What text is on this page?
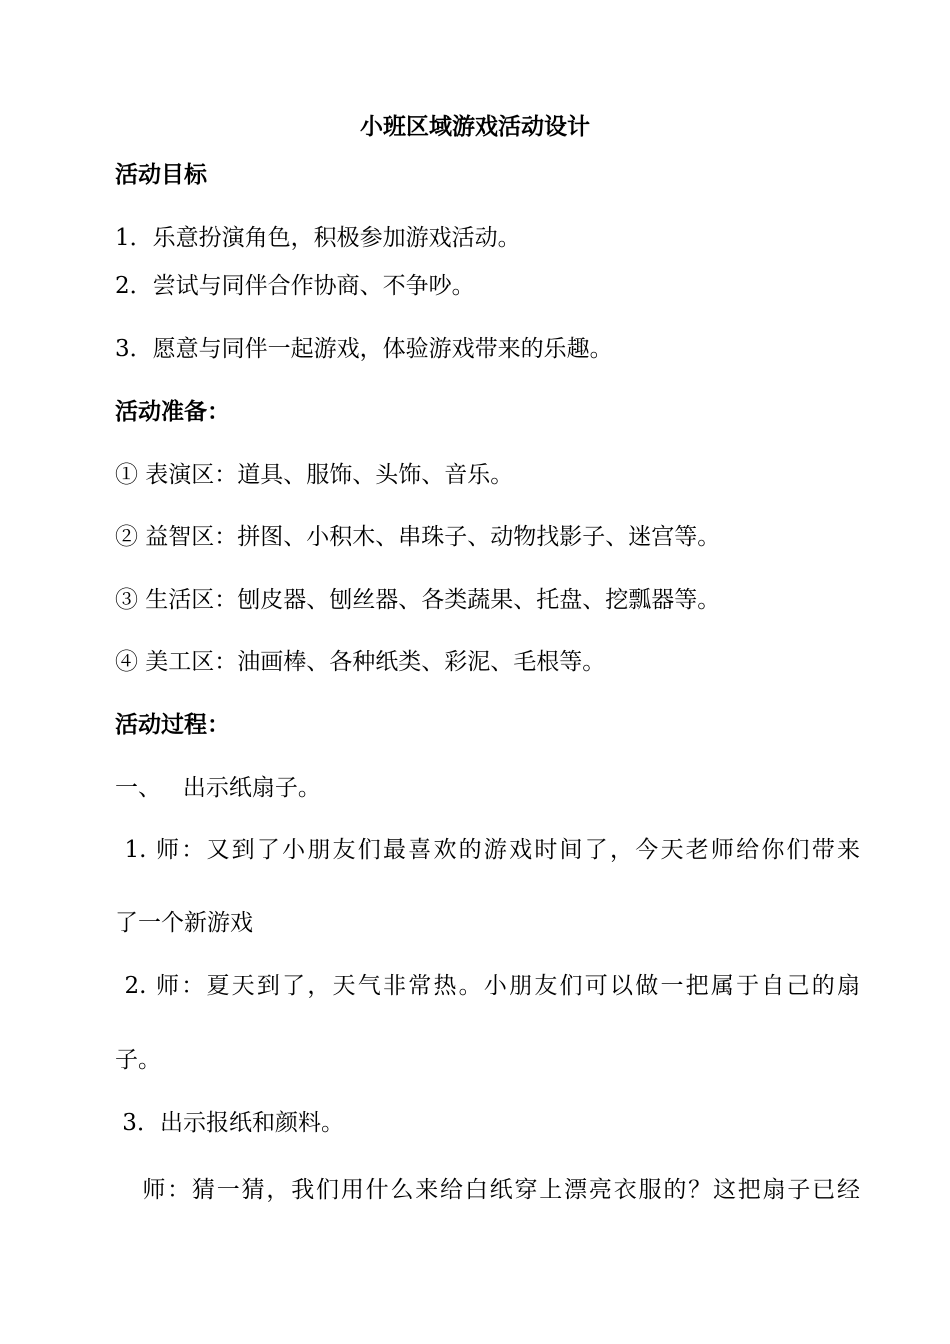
小班区域游戏活动设计
活动目标
1．乐意扮演角色，积极参加游戏活动。
2．尝试与同伴合作协商、不争吵。
3．愿意与同伴一起游戏，体验游戏带来的乐趣。
活动准备：
① 表演区：道具、服饰、头饰、音乐。
② 益智区：拼图、小积木、串珠子、动物找影子、迷宫等。
③ 生活区：刨皮器、刨丝器、各类蔬果、托盘、挖瓢器等。
④ 美工区：油画棒、各种纸类、彩泥、毛根等。
活动过程：
一、   出示纸扇子。
1. 师：又到了小朋友们最喜欢的游戏时间了，今天老师给你们带来
了一个新游戏
2. 师：夏天到了，天气非常热。小朋友们可以做一把属于自己的扇
子。
3．出示报纸和颜料。
师：猜一猜，我们用什么来给白纸穿上漂亮衣服的？这把扇子已经
